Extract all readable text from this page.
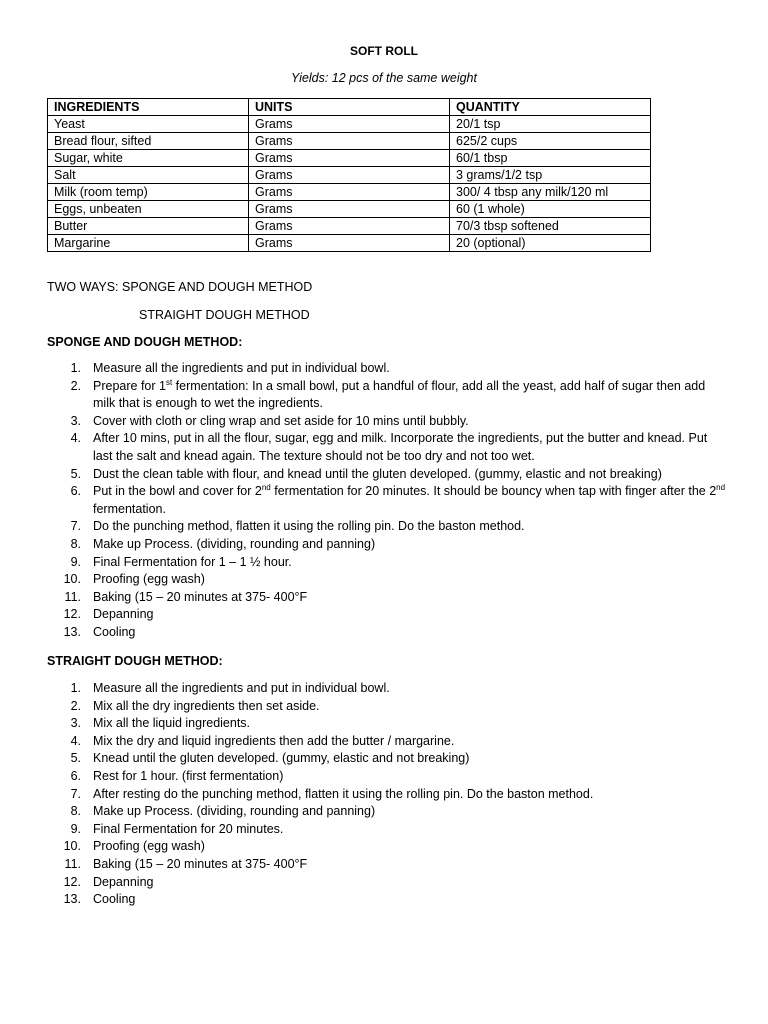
SOFT ROLL
Yields: 12 pcs of the same weight
INGREDIENTS	UNITS	QUANTITY
Yeast	Grams	20/1 tsp
Bread flour, sifted	Grams	625/2 cups
Sugar, white	Grams	60/1 tbsp
Salt	Grams	3 grams/1/2 tsp
Milk (room temp)	Grams	300/ 4 tbsp any milk/120 ml
Eggs, unbeaten	Grams	60 (1 whole)
Butter	Grams	70/3 tbsp softened
Margarine	Grams	20 (optional)
TWO WAYS: SPONGE AND DOUGH METHOD
STRAIGHT DOUGH METHOD
SPONGE AND DOUGH METHOD:
1. Measure all the ingredients and put in individual bowl.
2. Prepare for 1st fermentation: In a small bowl, put a handful of flour, add all the yeast, add half of sugar then add milk that is enough to wet the ingredients.
3. Cover with cloth or cling wrap and set aside for 10 mins until bubbly.
4. After 10 mins, put in all the flour, sugar, egg and milk. Incorporate the ingredients, put the butter and knead. Put last the salt and knead again. The texture should not be too dry and not too wet.
5. Dust the clean table with flour, and knead until the gluten developed. (gummy, elastic and not breaking)
6. Put in the bowl and cover for 2nd fermentation for 20 minutes. It should be bouncy when tap with finger after the 2nd fermentation.
7. Do the punching method, flatten it using the rolling pin. Do the baston method.
8. Make up Process. (dividing, rounding and panning)
9. Final Fermentation for 1 – 1 ½ hour.
10. Proofing (egg wash)
11. Baking (15 – 20 minutes at 375- 400°F
12. Depanning
13. Cooling
STRAIGHT DOUGH METHOD:
1. Measure all the ingredients and put in individual bowl.
2. Mix all the dry ingredients then set aside.
3. Mix all the liquid ingredients.
4. Mix the dry and liquid ingredients then add the butter / margarine.
5. Knead until the gluten developed. (gummy, elastic and not breaking)
6. Rest for 1 hour. (first fermentation)
7. After resting do the punching method, flatten it using the rolling pin. Do the baston method.
8. Make up Process. (dividing, rounding and panning)
9. Final Fermentation for 20 minutes.
10. Proofing (egg wash)
11. Baking (15 – 20 minutes at 375- 400°F
12. Depanning
13. Cooling
